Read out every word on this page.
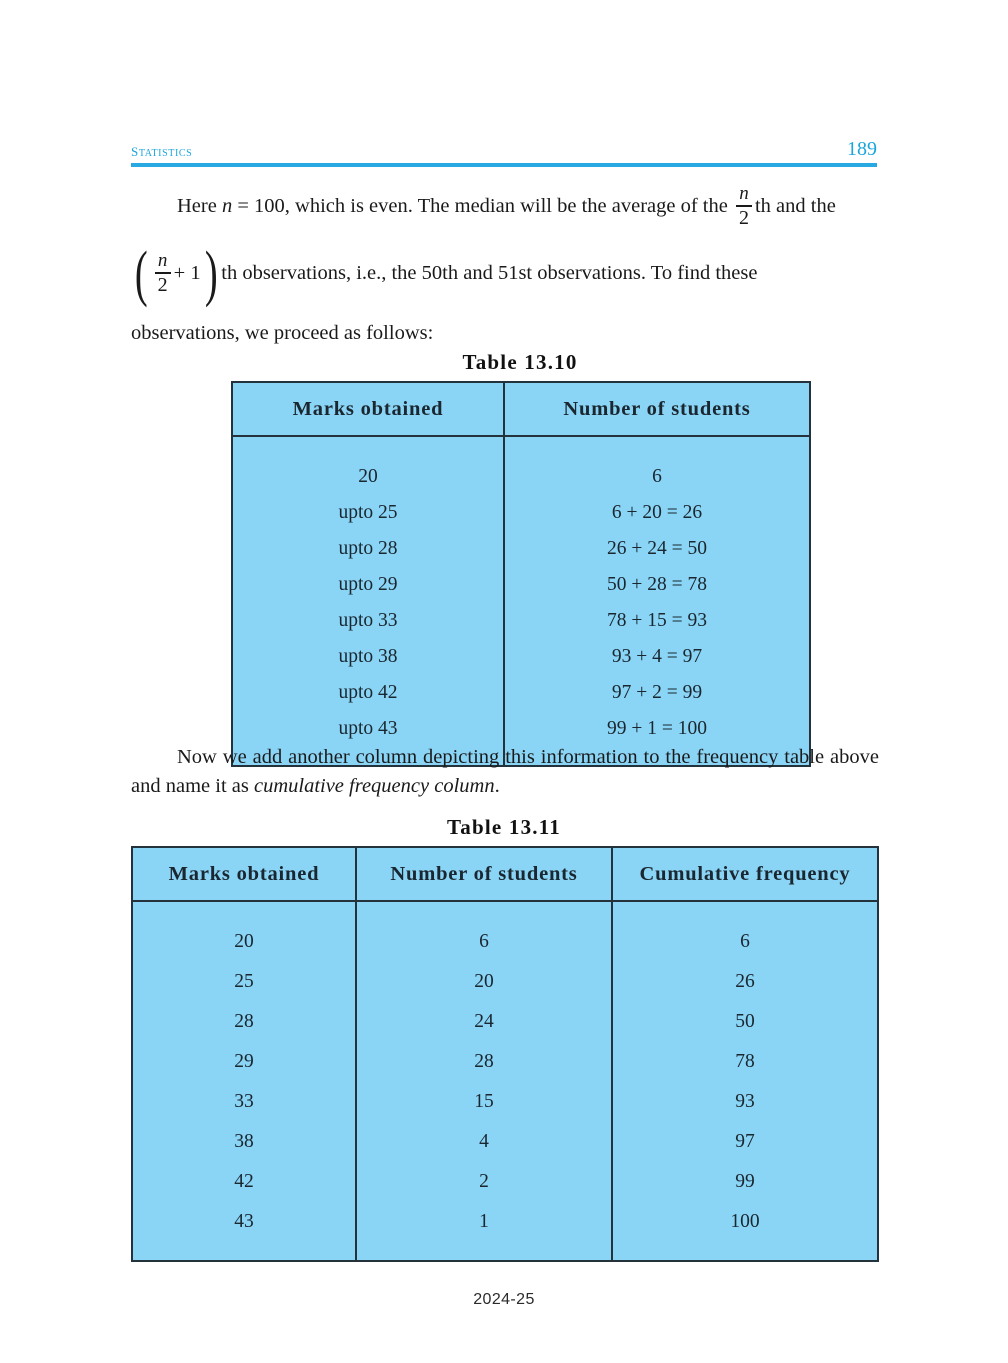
statistics	189
Here n = 100, which is even. The median will be the average of the $\frac{n}{2}$ th and the
( $\frac{n}{2} + 1$) th observations, i.e., the 50th and 51st observations. To find these
observations, we proceed as follows:
Table 13.10
Marks obtained	Number of students

20	6
upto 25	6 + 20 = 26
upto 28	26 + 24 = 50
upto 29	50 + 28 = 78
upto 33	78 + 15 = 93
upto 38	93 + 4 = 97
upto 42	97 + 2 = 99
upto 43	99 + 1 = 100

Now we add another column depicting this information to the frequency table above and name it as cumulative frequency column.
Table 13.11
Marks obtained	Number of students	Cumulative frequency

20	6	6
25	20	26
28	24	50
29	28	78
33	15	93
38	4	97
42	2	99
43	1	100

2024-25
